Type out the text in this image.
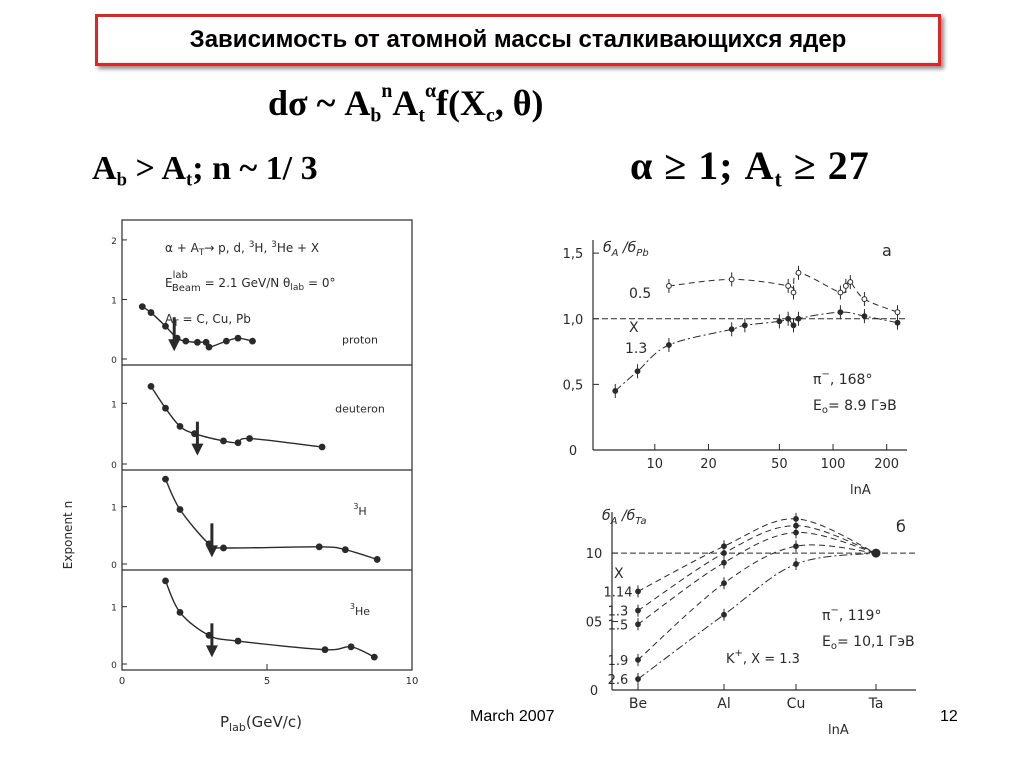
Зависимость от атомной массы сталкивающихся ядер
dσ ~ $A_b^nA_t^\alpha f(X_c$, θ)
$A_b > A_t$; n ~ 1/ 3	α ≥ 1; $A_t \ge 27$
0
1
2
proton
0
1	deuteron
0
1	$^3$H
0
1	$^3$He
0	5	10
Exponent n
$P_{lab}(GeV/c)$
$\alpha + A_T\to p$, d, $^3$H, $^3$He + X
$E^{lab}$ Beam = 2.1 GeV/N $\theta_{lab} = 0^\circ$
$A_T = C$, Cu, Pb
0
0,5
1,0
1,5
10	20	50	100 200
a
$б_A$ $/б_{Pb}$
lnA
0.5
X
1.3
π−, 168°
$E_o= 8.9$ ГэВ
0
05
10
Be	Al	Cu	Ta
1.14
1.3
1.5
1.9
2.6
б
$б_A$ $/б_{Ta}$
lnA
X
π−, 119°
$E_o= 10,1$ ГэВ
K+, X = 1.3
March 2007	12
